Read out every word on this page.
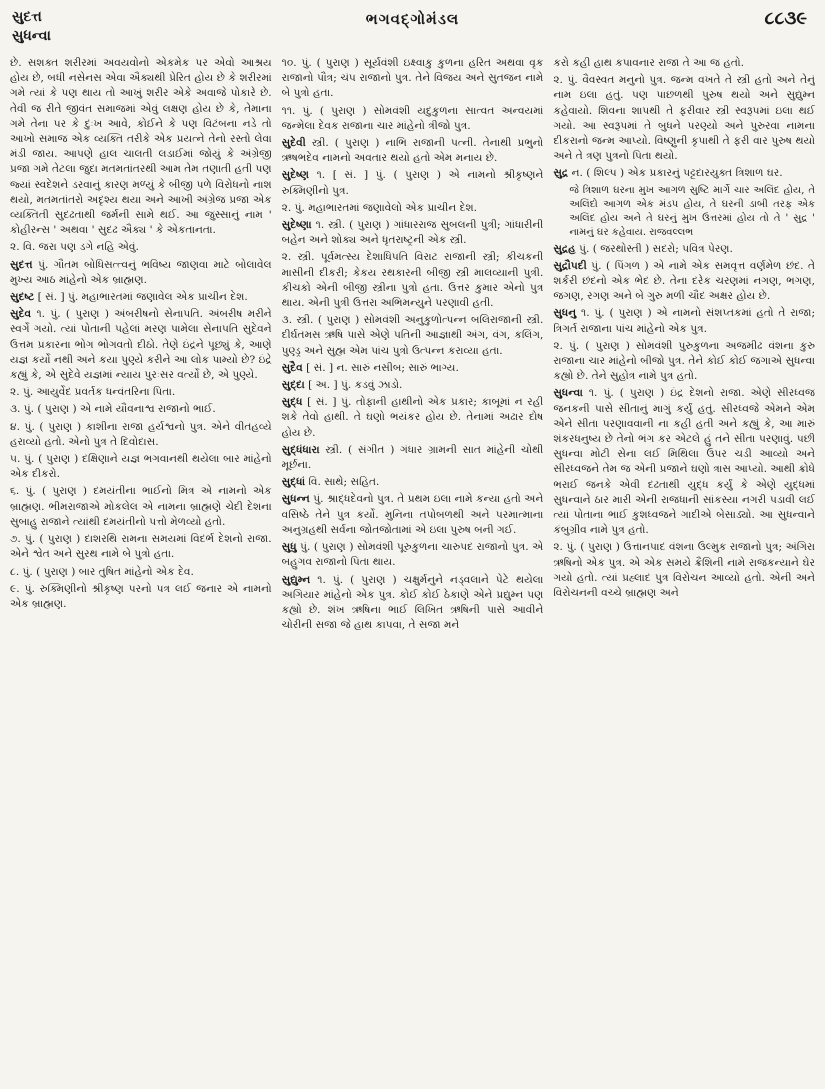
સુદત્ત
સુધન્વા
ભગવદ્ગોમંડલ	૮૮૩૯

છે. સશક્ત શરીરમાં અવયવોનો એકમેક પર એવો આશ્રય હોય છે, બધી નસેનસ એવા ઐક્યથી પ્રેરિત હોય છે કે શરીરમાં ગમે ત્યાં કે પણ થાય તો આખું શરીર એકે અવાજે પોકારે છે. તેવી જ રીતે જીવંત સમાજમાં એવું લક્ષણ હોય છે કે, તેમાના ગમે તેના પર કે દુઃખ આવે, કોઈને કે પણ વિટંબના નડે તો આખો સમાજ એક વ્યક્તિ તરીકે એક પ્રયત્ને તેનો રસ્તો લેવા મંડી જાય. આપણે હાલ ચાલતી લડાઈમાં જોયું કે અંગ્રેજી પ્રજા ગમે તેટલા જુદા મતમતાંતરથી આમ તેમ તણાતી હતી પણ જ્યાં સ્વદેશને ડરવાનું કારણ મળ્યું કે બીજી પળે વિરોધનો નાશ થયો, મતમતાંતરો અદૃશ્ય થયા અને આખી અંગ્રેજ પ્રજા એક વ્યક્તિતી સુદઢતાથી જર્મની સામે થઈ. આ જુસ્સાનું નામ ' કોહીરન્સ ' અથવા ' સુદઢ ઐક્ય ' કે એકતાનતા.

૨. વિ. જરા પણ ડગે નહિ એવું.

સુદત્ત પું. ગૌતમ બોધિસત્ત્વનું ભવિષ્ય જાણવા માટે બોલાવેલ મુખ્ય આઠ માંહેનો એક બ્રાહ્મણ.

સુદષ્ટ [ સં. ] પું. મહાભારતમાં જણાવેલ એક પ્રાચીન દેશ.

સુદેવ ૧. પું. ( પુરાણ ) અંબરીષનો સેનાપતિ. અંબરીષ મરીને સ્વર્ગે ગયો. ત્યાં પોતાની પહેલાં મરણ પામેલા સેનાપતિ સુદેવને ઉત્તમ પ્રકારના ભોગ ભોગવતો દીઠો. તેણે ઇંદ્રને પૂછ્યું કે, આણે યજ્ઞ કર્યો નથી અને કયા પુણ્યે કરીને આ લોક પામ્યો છે? ઇંદ્રે કહ્યું કે, એ સુદેવે યજ્ઞમાં ન્યાય પુરઃસર વર્ત્યો છે, એ પુણ્યે.

૨. પું. આયુર્વેદ પ્રવર્તક ધન્વંતરિના પિતા.

૩. પું. ( પુરાણ ) એ નામે યૌવનાશ્વ રાજાનો ભાઈ.

૪. પું. ( પુરાણ ) કાશીના રાજા હર્યશ્વનો પુત્ર. એને વીતહવ્યે હરાવ્યો હતો. એનો પુત્ર તે દિવોદાસ.

૫. પું. ( પુરાણ ) દક્ષિણાને યજ્ઞ ભગવાનથી થયેલા બાર માંહેનો એક દીકરો.

૬. પું. ( પુરાણ ) દમયંતીના ભાઈનો મિત્ર એ નામનો એક બ્રાહ્મણ. ભીમરાજાએ મોકલેલ એ નામના બ્રાહ્મણે ચેદી દેશના સુબાહુ રાજાને ત્યાંથી દમયંતીનો પત્તો મેળવ્યો હતો.

૭. પું. ( પુરાણ ) દાશરથિ રામના સમયમાં વિદર્ભ દેશનો રાજા. એને શ્વેત અને સુરથ નામે બે પુત્રો હતા.

૮. પું. ( પુરાણ ) બાર તુષિત માંહેનો એક દેવ.

૯. પું. રુક્મિણીનો શ્રીકૃષ્ણ પરનો પત્ર લઈ જનાર એ નામનો એક બ્રાહ્મણ.

૧૦. પું. ( પુરાણ ) સૂર્યવંશી ઇક્ષ્વાકુ કુળના હરિત અથવા વૃક રાજાનો પૌત્ર; ચંપ રાજાનો પુત્ર. તેને વિજય અને સુતજન નામે બે પુત્રો હતા.

૧૧. પું. ( પુરાણ ) સોમવંશી યદુકુળના સાત્વત અન્વયમાં જન્મેલા દેવક રાજાના ચાર માંહેનો ત્રીજો પુત્ર.

સુદેવી સ્ત્રી. ( પુરાણ ) નાભિ રાજાની પત્ની. તેનાથી પ્રભુનો ઋષભદેવ નામનો અવતાર થયો હતો એમ મનાય છે.

સુદેષ્ણ ૧. [ સં. ] પું. ( પુરાણ ) એ નામનો શ્રીકૃષ્ણને રુક્મિણીનો પુત્ર.

૨. પું. મહાભારતમાં જણાવેલો એક પ્રાચીન દેશ.

સુદેષ્ણા ૧. સ્ત્રી. ( પુરાણ ) ગાંધારરાજ સુબલની પુત્રી; ગાંધારીની બહેન અને શોક્ય અને ધૃતરાષ્ટ્રની એક સ્ત્રી.

૨. સ્ત્રી. પૂર્વમત્સ્ય દેશાધિપતિ વિરાટ રાજાની સ્ત્રી; કીચકની માસીની દીકરી; કેકય રથકારની બીજી સ્ત્રી માલવ્યાની પુત્રી. કીચકો એની બીજી સ્ત્રીના પુત્રો હતા. ઉત્તર કુમાર એનો પુત્ર થાય. એની પુત્રી ઉત્તરા અભિમન્યુને પરણાવી હતી.

૩. સ્ત્રી. ( પુરાણ ) સોમવંશી અનુકુળોત્પન્ન બલિરાજાની સ્ત્રી. દીર્ઘતમસ ઋષિ પાસે એણે પતિની આજ્ઞાથી અંગ, વંગ, કલિંગ, પુણ્ડ્ર અને સુહ્મ એમ પાંચ પુત્રો ઉત્પન્ન કરાવ્યા હતા.

સુદૈવ [ સં. ] ન. સારું નસીબ; સારું ભાગ્ય.

સુદ્દા [ અ. ] પું. કડવું ઝાડો.

સુદ્ધ [ સં. ] પું. તોફાની હાથીનો એક પ્રકાર; કાબૂમાં ન રહી શકે તેવો હાથી. તે ઘણો ભયંકર હોય છે. તેનામાં અઢાર દોષ હોય છે.

સુદ્ધંધારા સ્ત્રી. ( સંગીત ) ગંધાર ગ્રામની સાત માંહેની ચોથી મૂર્છના.

સુદ્ધાં વિ. સાથે; સહિત.

સુધન્ન પું. શ્રાદ્ધદેવનો પુત્ર. તે પ્રથમ ઇલા નામે કન્યા હતો અને વસિષ્ઠે તેને પુત્ર કર્યો. મુનિના તપોબળથી અને પરમાત્માના અનુગ્રહથી સર્વના જોતજોતામાં એ ઇલા પુરુષ બની ગઈ.

સુધુ પું. ( પુરાણ ) સોમવંશી પૂરુકુળના ચારુપદ રાજાનો પુત્ર. એ બહુગવ રાજાનો પિતા થાય.

સુદ્યુમ્ન ૧. પું. ( પુરાણ ) ચક્ષુર્મનુને નડ્વલાને પેટે થયેલા અગિયાર માંહેનો એક પુત્ર. કોઈ કોઈ ઠેકાણે એને પ્રદ્યુમ્ન પણ કહ્યો છે. શંખ ઋષિના ભાઈ લિખિત ઋષિની પાસે આવીને ચોરીની સજા જે હાથ કાપવા, તે સજા મને

કરો કહી હાથ કપાવનાર રાજા તે આ જ હતો.

૨. પું. વૈવસ્વત મનુનો પુત્ર. જન્મ વખતે તે સ્ત્રી હતો અને તેનું નામ ઇલા હતું. પણ પાછળથી પુરુષ થયો અને સુદ્યુમ્ન કહેવાયો. શિવના શાપથી તે ફરીવાર સ્ત્રી સ્વરૂપમાં ઇલા થઈ ગયો. આ સ્વરૂપમાં તે બુધને પરણ્યો અને પુરુરવા નામના દીકરાનો જન્મ આપ્યો. વિષ્ણુની કૃપાથી તે ફરી વાર પુરુષ થયો અને તે ત્રણ પુત્રનો પિતા થયો.

સુદ્ર ન. ( શિલ્પ ) એક પ્રકારનું પટ્ટદારયુક્ત ત્રિશાળ ઘર.

જે ત્રિશાળ ઘરના મુખ આગળ સુષ્ટિ માર્ગે ચાર અલિંદ હોય, તે અલિંદો આગળ એક મંડપ હોય, તે ઘરની ડાબી તરફ એક અલિંદ હોય અને તે ઘરનું મુખ ઉત્તરમાં હોય તો તે ' સુદ્ર ' નામનું ઘર કહેવાય. રાજવલ્લભ

સુદ્રહ પું. ( જરથોસ્તી ) સદરો; પવિત્ર પેરણ.

સુદ્રૌપદી પું. ( પિંગળ ) એ નામે એક સમવૃત્ત વર્ણમેળ છંદ. તે શર્કરી છંદનો એક ભેદ છે. તેના દરેક ચરણમાં નગણ, ભગણ, જગણ, રગણ અને બે ગુરુ મળી ચૌદ અક્ષર હોય છે.

સુધનુ ૧. પું. ( પુરાણ ) એ નામનો સંશપ્તકમાં હતો તે રાજા; ત્રિગર્ત રાજાના પાંચ માંહેનો એક પુત્ર.

૨. પું. ( પુરાણ ) સોમવંશી પુરુકુળના અજમીઢ વંશના કુરુ રાજાના ચાર માંહેનો બીજો પુત્ર. તેને કોઈ કોઈ જગાએ સુધન્વા કહ્યો છે. તેને સુહોત્ર નામે પુત્ર હતો.

સુધન્વા ૧. પું. ( પુરાણ ) ઇંદ્ર દેશનો રાજા. એણે સીરધ્વજ જનકની પાસે સીતાનું માગું કર્યું હતું. સીરધ્વજે એમને એમ એને સીતા પરણાવવાની ના કહી હતી અને કહ્યું કે, આ મારું શંકરધનુષ્ય છે તેનો ભંગ કર એટલે હું તને સીતા પરણાવું. પછી સુધન્વા મોટી સેના લઈ મિથિલા ઉપર ચડી આવ્યો અને સીરધ્વજને તેમ જ એની પ્રજાને ઘણો ત્રાસ આપ્યો. આથી ક્રોધે ભરાઈ જનકે એવી દઢતાથી યુદ્ધ કર્યું કે એણે યુદ્ધમાં સુધન્વાને ઠાર મારી એની રાજધાની સાંકસ્યા નગરી પડાવી લઈ ત્યાં પોતાના ભાઈ કુશધ્વજને ગાદીએ બેસાડ્યો. આ સુધન્વાને કંબુગ્રીવ નામે પુત્ર હતો.

૨. પું. ( પુરાણ ) ઉત્તાનપાદ વંશના ઉલ્મુક રાજાનો પુત્ર; અંગિરા ઋષિનો એક પુત્ર. એ એક સમયે ક્રૈશિની નામે રાજકન્યાને ઘેર ગયો હતો. ત્યાં પ્રહ્લાદ પુત્ર વિરોચન આવ્યો હતો. એની અને વિરોચનની વચ્ચે બ્રાહ્મણ અને
